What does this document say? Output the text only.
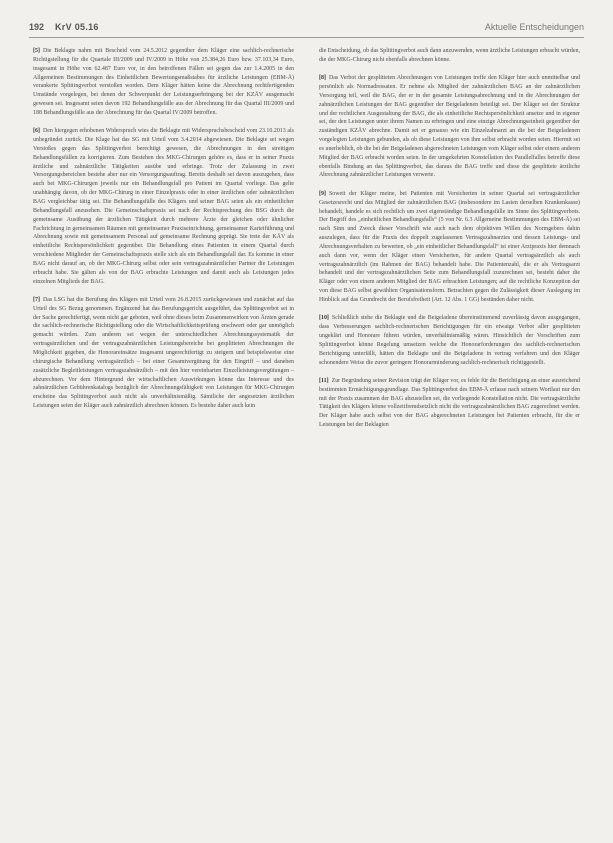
192 KrV 05.16	Aktuelle Entscheidungen

[5] Die Beklagte nahm mit Bescheid vom 24.5.2012 gegenüber dem Kläger eine sachlich-rechnerische Richtigstellung für die Quartale III/2009 und IV/2009 in Höhe von 25.384,26 Euro bzw. 37.103,34 Euro, insgesamt in Höhe von 62.487 Euro vor, in den betroffenen Fällen sei gegen das zur 1.4.2005 in den Allgemeinen Bestimmungen des Einheitlichen Bewertungsmaßstabes für ärztliche Leistungen (EBM-Ä) verankerte Splittingverbot verstoßen worden. Dem Kläger hätten keine die Abrechnung rechtfertigenden Umstände vorgelegen, bei denen der Schwerpunkt der Leistungserbringung bei der KZÄV ausgemacht gewesen sei. Insgesamt seien davon 192 Behandlungsfälle aus der Abrechnung für das Quartal III/2009 und 188 Behandlungsfälle aus der Abrechnung für das Quartal IV/2009 betroffen.

[6] Den hiergegen erhobenen Widerspruch wies die Beklagte mit Widerspruchsbescheid vom 23.10.2013 als unbegründet zurück. Die Klage hat das SG mit Urteil vom 3.4.2014 abgewiesen. Die Beklagte sei wegen Verstoßes gegen das Splittingverbot berechtigt gewesen, die Abrechnungen in den streitigen Behandlungsfällen zu korrigieren. Zum Bestehen des MKG-Chirurgen gehöre es, dass er in seiner Praxis ärztliche und zahnärztliche Tätigkeiten ausübe und erbringe. Trotz der Zulassung in zwei Versorgungsbereichen bestehe aber nur ein Versorgungsauftrag. Bereits deshalb sei davon auszugehen, dass auch bei MKG-Chirurgen jeweils nur ein Behandlungsfall pro Patient im Quartal vorliege. Das gelte unabhängig davon, ob der MKG-Chirurg in einer Einzelpraxis oder in einer ärztlichen oder zahnärztlichen BAG vergleichbar tätig sei. Die Behandlungsfälle des Klägers und seiner BAG seien als ein einheitlicher Behandlungsfall anzusehen. Die Gemeinschaftspraxis sei nach der Rechtsprechung des BSG durch die gemeinsame Ausübung der ärztlichen Tätigkeit durch mehrere Ärzte der gleichen oder ähnlicher Fachrichtung in gemeinsamen Räumen mit gemeinsamer Praxiseinrichtung, gemeinsamer Karteiführung und Abrechnung sowie mit gemeinsamem Personal auf gemeinsame Rechnung geprägt. Sie trete der KÄV als einheitliche Rechtspersönlichkeit gegenüber. Die Behandlung eines Patienten in einem Quartal durch verschiedene Mitglieder der Gemeinschaftspraxis stelle sich als ein Behandlungsfall dar. Es komme in einer BAG nicht darauf an, ob der MKG-Chirurg selbst oder sein vertragszahnärztlicher Partner die Leistungen erbracht habe. Sie gälten als von der BAG erbrachte Leistungen und damit auch als Leistungen jedes einzelnen Mitglieds der BAG.

[7] Das LSG hat die Berufung des Klägers mit Urteil vom 26.8.2015 zurückgewiesen und zunächst auf das Urteil des SG Bezug genommen. Ergänzend hat das Berufungsgericht ausgeführt, das Splittingverbot sei in der Sache gerechtfertigt, wenn nicht gar geboten, weil ohne dieses beim Zusammenwirken von Ärzten gerade die sachlich-rechnerische Richtigstellung oder die Wirtschaftlichkeitsprüfung erschwert oder gar unmöglich gemacht würden. Zum anderen sei wegen der unterschiedlichen Abrechnungssystematik der vertragsärztlichen und der vertragszahnärztlichen Leistungsbereiche bei gesplitteten Abrechnungen die Möglichkeit gegeben, die Honorareinsätze insgesamt ungerechtfertigt zu steigern und beispielsweise eine chirurgische Behandlung vertragsärztlich – bei einer Gesamtvergütung für den Eingriff – und daneben zusätzliche Begleitleistungen vertragszahnärztlich – mit den hier vereinbarten Einzelleistungsvergütungen – abzurechnen. Vor dem Hintergrund der wirtschaftlichen Auswirkungen könne das Interesse und des zahnärztlichen Gebührenkatalogs bezüglich der Abrechnungsfähigkeit von Leistungen für MKG-Chirurgen erscheine das Splittingverbot auch nicht als unverhältnismäßig. Sämtliche der angesetzten ärztlichen Leistungen seien der Kläger auch zahnärztlich abrechnen können. Es bestehe daher auch kein

die Entscheidung, ob das Splittingverbot auch dann anzuwenden, wenn ärztliche Leistungen erbracht würden, die der MKG-Chirurg nicht ebenfalls abrechnen könne.

[8] Das Verbot der gesplitteten Abrechnungen von Leistungen treffe den Kläger hier auch unmittelbar und persönlich als Normadressaten. Er nehme als Mitglied der zahnärztlichen BAG an der zahnärztlichen Versorgung teil, weil die BAG, der er in der gesamte Leistungsabrechnung und in die Abrechnungen der zahnärztlichen Leistungen der BAG gegenüber der Beigeladenen beteiligt sei. Der Kläger sei der Struktur und der rechtlichen Ausgestaltung der BAG, die als einheitliche Rechtspersönlichkeit ansetze und in eigener sei, der den Leistungen unter ihrem Namen zu erbringen und eine einzige Abrechnungseinheit gegenüber der zuständigen KZÄV abrechne. Damit sei er genauso wie ein Einzelzahnarzt an die bei der Beigeladenen vorgelegten Leistungen gebunden, als ob diese Leistungen von ihm selbst erbracht worden seien. Hiermit sei es unerheblich, ob die bei der Beigeladenen abgerechneten Leistungen vom Kläger selbst oder einem anderen Mitglied der BAG erbracht worden seien. In der umgekehrten Konstellation des Parallelfalles betreffe diese ebenfalls Bindung an das Splittingverbot, das daraus die BAG treffe und diese die gesplittete ärztliche Abrechnung zahnärztlicher Leistungen verwerte.

[9] Soweit der Kläger meine, bei Patienten mit Versicherten in seiner Quartal sei vertragsärztlicher Gesetzesrecht und das Mitglied der zahnärztlichen BAG (insbesondere im Lasten derselben Krankenkasse) behandelt, handele es sich rechtlich um zwei eigenständige Behandlungsfälle im Sinne des Splittingverbots. Der Begriff des „einheitlichen Behandlungsfalls“ (5 von Nr. 6.3 Allgemeine Bestimmungen des EBM-Ä) sei nach Sinn und Zweck dieser Vorschrift wie auch nach dem objektiven Willen des Normgebers dahin auszulegen, dass für die Praxis des doppelt zugelassenen Vertragszahnarztes und dessen Leistungs- und Abrechnungsverhalten zu bewerten, ob „ein einheitlicher Behandlungsfall“ ist einer Arztpraxis hier demnach auch dann vor, wenn der Kläger einen Versicherten, für andere Quartal vertragsärztlich als auch vertragszahnärztlich (im Rahmen der BAG) behandelt habe. Die Patientenzahl, die er als Vertragsarzt behandelt und der vertragszahnärztlichen Seite zum Behandlungsfall zuzurechnen sei, besteht daher die Kläger oder von einem anderen Mitglied der BAG erbrachten Leistungen; auf die rechtliche Konzeption der von diese BAG selbst gewählten Organisationsform. Betrachten gegen die Zulässigkeit dieser Auslegung im Hinblick auf das Grundrecht der Berufsfreiheit (Art. 12 Abs. 1 GG) bestünden daher nicht.

[10] Schließlich stehe die Beklagte und die Beigeladene übereinstimmend zuverlässig davon ausgegangen, dass Verbesserungen sachlich-rechnerischen Berichtigungen für ein etwaige Verbot aller gesplitteten ungeklärt und Honorare führen würden, unverhältnismäßig wären. Hinsichtlich der Vorschriften zum Splittingverbot könne Regelung umsetzen welche die Honorarforderungen des sachlich-rechnerischen Berichtigung unterfällt, hätten die Beklagte und die Beigeladene in vertrag verfahren und den Kläger schonendere Weise die zuvor geringere Honorarminderung sachlich-rechnerisch richtiggestellt.

[11] Zur Begründung seiner Revision trägt der Kläger vor, es fehle für die Berichtigung an einer ausreichend bestimmten Ermächtigungsgrundlage. Das Splittingverbot des EBM-Ä erfasse nach seinem Wortlaut nur den mit der Praxis zusammen der BAG abzustellen sei, die vorliegende Konstellation nicht. Die vertragsärztliche Tätigkeit des Klägers könne vollzeitfremdsetzlich nicht die vertragszahnärztlichen BAG zugerechnet werden. Der Kläger habe auch selbst von der BAG abgerechneten Leistungen bei Patienten erbracht, für die er Leistungen bei der Beklagten
